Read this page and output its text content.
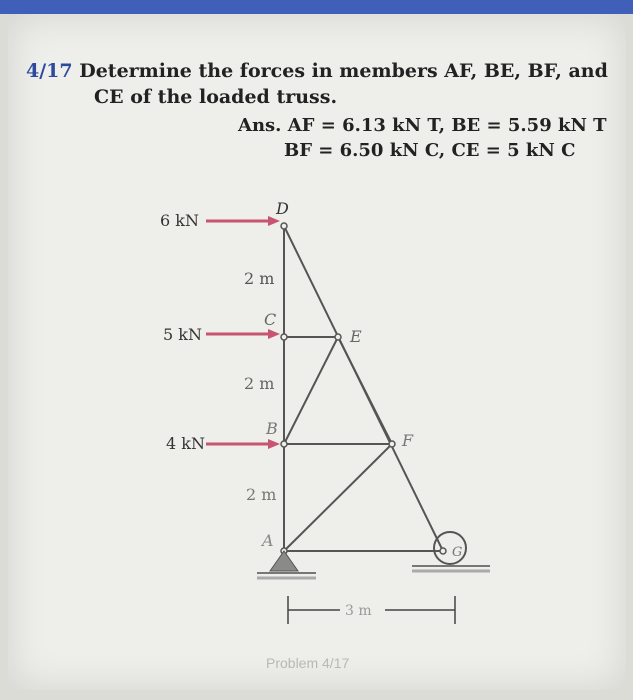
4/17 Determine the forces in members AF, BE, BF, and
CE of the loaded truss.
Ans. AF = 6.13 kN T, BE = 5.59 kN T
BF = 6.50 kN C, CE = 5 kN C
6 kN
5 kN
4 kN
D
C
E
B
F
A
G
2 m
2 m
2 m
3 m
Problem 4/17
